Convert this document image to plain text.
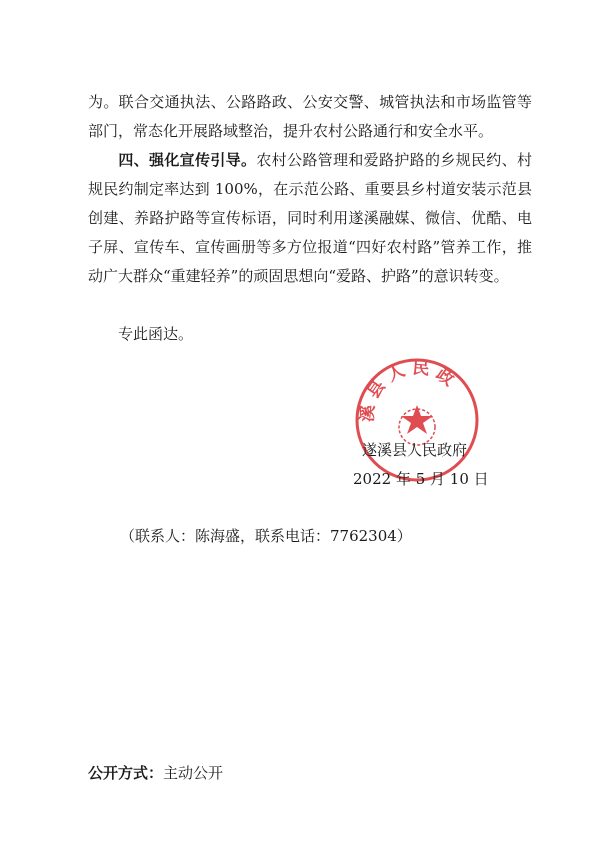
为。联合交通执法、公路路政、公安交警、城管执法和市场监管等部门，常态化开展路域整治，提升农村公路通行和安全水平。
四、强化宣传引导。农村公路管理和爱路护路的乡规民约、村规民约制定率达到 100%，在示范公路、重要县乡村道安装示范县创建、养路护路等宣传标语，同时利用遂溪融媒、微信、优酷、电子屏、宣传车、宣传画册等多方位报道“四好农村路”管养工作，推动广大群众“重建轻养”的顽固思想向“爱路、护路”的意识转变。
专此函达。
溪 县 人 民 政
遂溪县人民政府
2022 年 5 月 10 日
（联系人：陈海盛，联系电话：7762304）
公开方式：主动公开
